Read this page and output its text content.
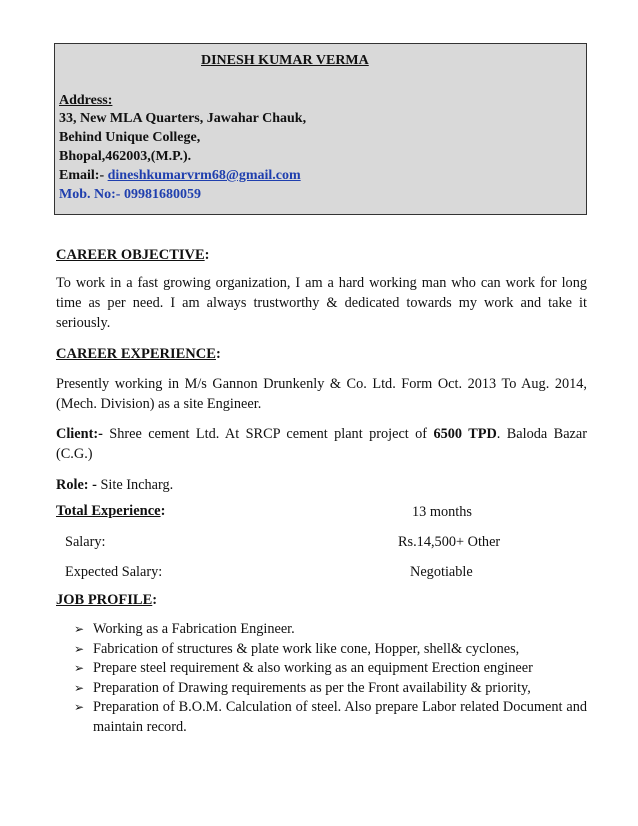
DINESH KUMAR VERMA
Address:
33, New MLA Quarters, Jawahar Chauk,
Behind Unique College,
Bhopal,462003,(M.P.).
Email:- dineshkumarvrm68@gmail.com
Mob. No:- 09981680059
CAREER OBJECTIVE:
To work in a fast growing organization, I am a hard working man who can work for long time as per need. I am always trustworthy & dedicated towards my work and take it seriously.
CAREER EXPERIENCE:
Presently working in M/s Gannon Drunkenly & Co. Ltd. Form Oct. 2013 To Aug. 2014, (Mech. Division) as a site Engineer.
Client:- Shree cement Ltd. At SRCP cement plant project of 6500 TPD. Baloda Bazar (C.G.)
Role: - Site Incharg.
Total Experience:	13 months
Salary:	Rs.14,500+ Other
Expected Salary:	Negotiable
JOB PROFILE:
➢ Working as a Fabrication Engineer.
➢ Fabrication of structures & plate work like cone, Hopper, shell& cyclones,
➢ Prepare steel requirement & also working as an equipment Erection engineer
➢ Preparation of Drawing requirements as per the Front availability & priority,
➢ Preparation of B.O.M. Calculation of steel. Also prepare Labor related Document and maintain record.
